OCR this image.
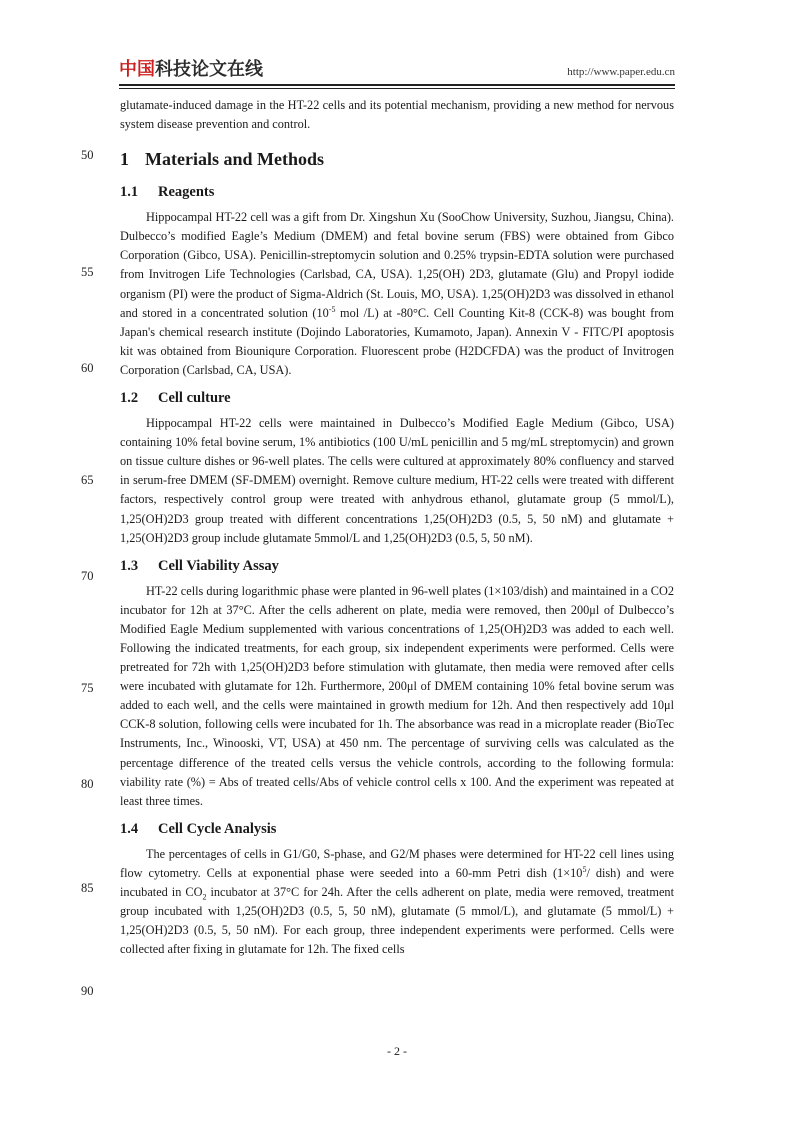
中国科技论文在线	http://www.paper.edu.cn
50
55
60
65
70
75
80
85
90

glutamate-induced damage in the HT-22 cells and its potential mechanism, providing a new method for nervous system disease prevention and control.

1 Materials and Methods
1.1 Reagents

Hippocampal HT-22 cell was a gift from Dr. Xingshun Xu (SooChow University, Suzhou, Jiangsu, China). Dulbecco’s modified Eagle’s Medium (DMEM) and fetal bovine serum (FBS) were obtained from Gibco Corporation (Gibco, USA). Penicillin-streptomycin solution and 0.25% trypsin-EDTA solution were purchased from Invitrogen Life Technologies (Carlsbad, CA, USA). 1,25(OH) 2D3, glutamate (Glu) and Propyl iodide organism (PI) were the product of Sigma-Aldrich (St. Louis, MO, USA). 1,25(OH)2D3 was dissolved in ethanol and stored in a concentrated solution ($10^{-5}$ mol /L) at -80°C. Cell Counting Kit-8 (CCK-8) was bought from Japan's chemical research institute (Dojindo Laboratories, Kumamoto, Japan). Annexin V - FITC/PI apoptosis kit was obtained from Biouniqure Corporation. Fluorescent probe (H2DCFDA) was the product of Invitrogen Corporation (Carlsbad, CA, USA).

1.2 Cell culture

Hippocampal HT-22 cells were maintained in Dulbecco’s Modified Eagle Medium (Gibco, USA) containing 10% fetal bovine serum, 1% antibiotics (100 U/mL penicillin and 5 mg/mL streptomycin) and grown on tissue culture dishes or 96-well plates. The cells were cultured at approximately 80% confluency and starved in serum-free DMEM (SF-DMEM) overnight. Remove culture medium, HT-22 cells were treated with different factors, respectively control group were treated with anhydrous ethanol, glutamate group (5 mmol/L), 1,25(OH)2D3 group treated with different concentrations 1,25(OH)2D3 (0.5, 5, 50 nM) and glutamate + 1,25(OH)2D3 group include glutamate 5mmol/L and 1,25(OH)2D3 (0.5, 5, 50 nM).

1.3 Cell Viability Assay

HT-22 cells during logarithmic phase were planted in 96-well plates (1×103/dish) and maintained in a CO2 incubator for 12h at 37°C. After the cells adherent on plate, media were removed, then 200μl of Dulbecco’s Modified Eagle Medium supplemented with various concentrations of 1,25(OH)2D3 was added to each well. Following the indicated treatments, for each group, six independent experiments were performed. Cells were pretreated for 72h with 1,25(OH)2D3 before stimulation with glutamate, then media were removed after cells were incubated with glutamate for 12h. Furthermore, 200μl of DMEM containing 10% fetal bovine serum was added to each well, and the cells were maintained in growth medium for 12h. And then respectively add 10μl CCK-8 solution, following cells were incubated for 1h. The absorbance was read in a microplate reader (BioTec Instruments, Inc., Winooski, VT, USA) at 450 nm. The percentage of surviving cells was calculated as the percentage difference of the treated cells versus the vehicle controls, according to the following formula: viability rate (%) = Abs of treated cells/Abs of vehicle control cells x 100. And the experiment was repeated at least three times.

1.4 Cell Cycle Analysis

The percentages of cells in G1/G0, S-phase, and G2/M phases were determined for HT-22 cell lines using flow cytometry. Cells at exponential phase were seeded into a 60-mm Petri dish ($1\times 10^5/$ dish) and were incubated in $CO_2$ incubator at 37°C for 24h. After the cells adherent on plate, media were removed, treatment group incubated with 1,25(OH)2D3 (0.5, 5, 50 nM), glutamate (5 mmol/L), and glutamate (5 mmol/L) + 1,25(OH)2D3 (0.5, 5, 50 nM). For each group, three independent experiments were performed. Cells were collected after fixing in glutamate for 12h. The fixed cells

- 2 -
